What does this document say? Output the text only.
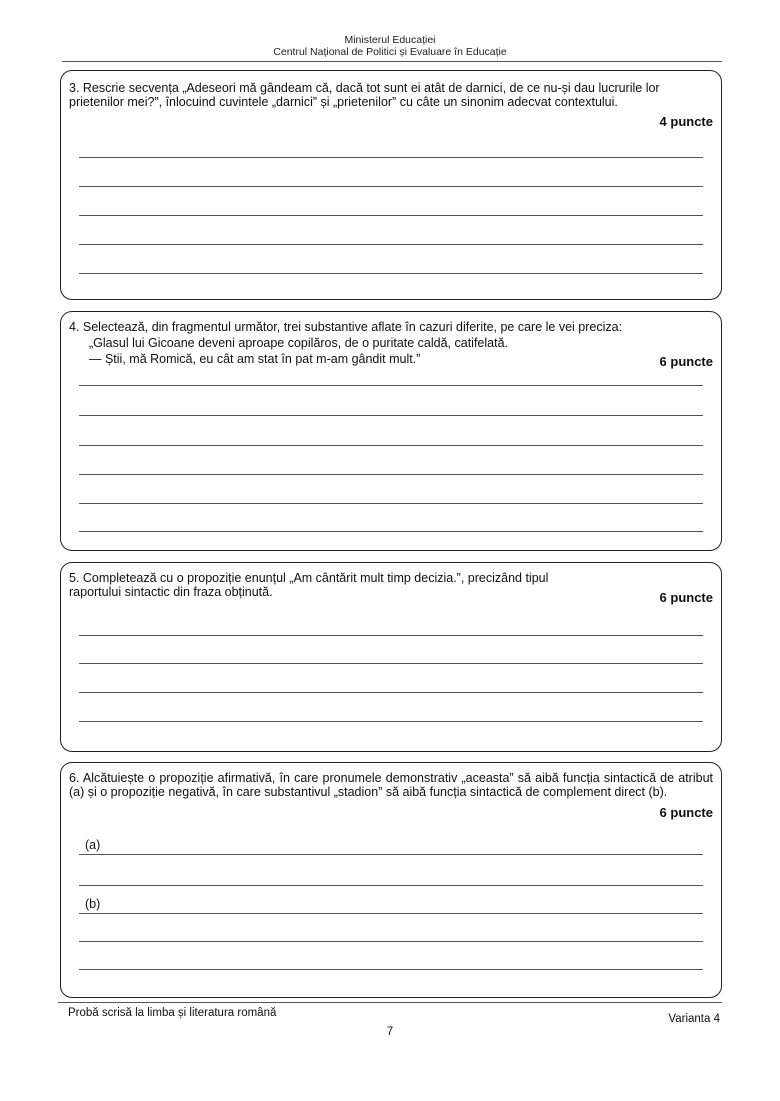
Ministerul Educației
Centrul Național de Politici și Evaluare în Educație
3. Rescrie secvența „Adeseori mă gândeam că, dacă tot sunt ei atât de darnici, de ce nu-și dau lucrurile lor prietenilor mei?”, înlocuind cuvintele „darnici” și „prietenilor” cu câte un sinonim adecvat contextului.
4 puncte
4. Selectează, din fragmentul următor, trei substantive aflate în cazuri diferite, pe care le vei preciza:
„Glasul lui Gicoane deveni aproape copilăros, de o puritate caldă, catifelată.
— Știi, mă Romică, eu cât am stat în pat m-am gândit mult.”	6 puncte
5. Completează cu o propoziție enunțul „Am cântărit mult timp decizia.”, precizând tipul raportului sintactic din fraza obținută.	6 puncte
6. Alcătuiește o propoziție afirmativă, în care pronumele demonstrativ „aceasta” să aibă funcția sintactică de atribut (a) și o propoziție negativă, în care substantivul „stadion” să aibă funcția sintactică de complement direct (b).
6 puncte
(a)
(b)
Probă scrisă la limba și literatura română	Varianta 4
7
